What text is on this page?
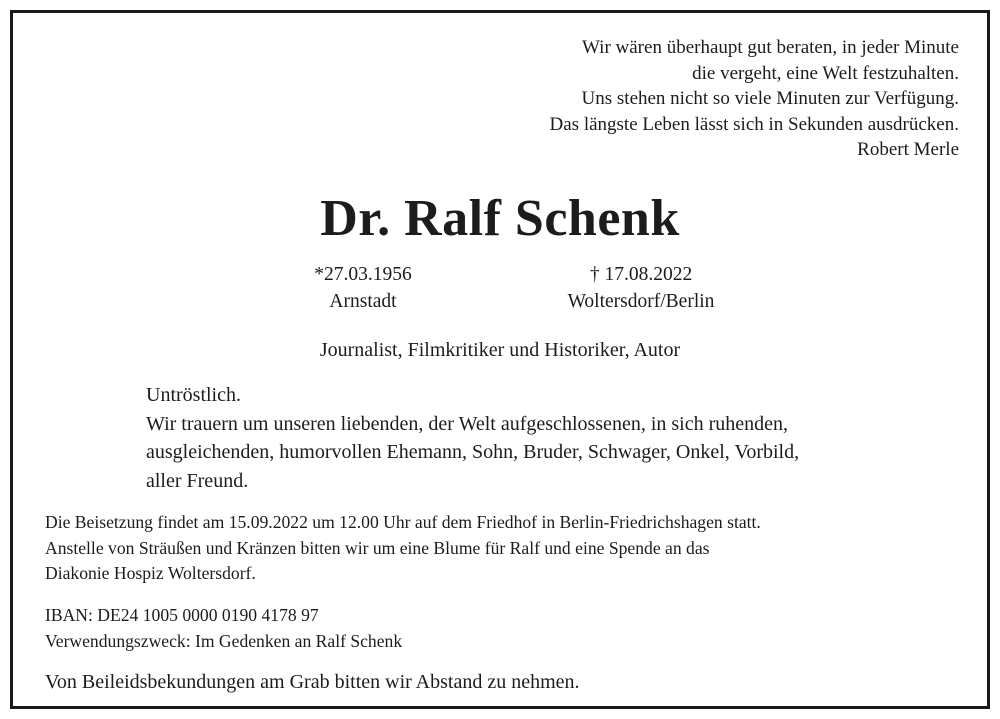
Wir wären überhaupt gut beraten, in jeder Minute
die vergeht, eine Welt festzuhalten.
Uns stehen nicht so viele Minuten zur Verfügung.
Das längste Leben lässt sich in Sekunden ausdrücken.
Robert Merle
Dr. Ralf Schenk
*27.03.1956
Arnstadt
† 17.08.2022
Woltersdorf/Berlin
Journalist, Filmkritiker und Historiker, Autor
Untröstlich.
Wir trauern um unseren liebenden, der Welt aufgeschlossenen, in sich ruhenden,
ausgleichenden, humorvollen Ehemann, Sohn, Bruder, Schwager, Onkel, Vorbild,
aller Freund.
Die Beisetzung findet am 15.09.2022 um 12.00 Uhr auf dem Friedhof in Berlin-Friedrichshagen statt.
Anstelle von Sträußen und Kränzen bitten wir um eine Blume für Ralf und eine Spende an das
Diakonie Hospiz Woltersdorf.
IBAN: DE24 1005 0000 0190 4178 97
Verwendungszweck: Im Gedenken an Ralf Schenk
Von Beileidsbekundungen am Grab bitten wir Abstand zu nehmen.
